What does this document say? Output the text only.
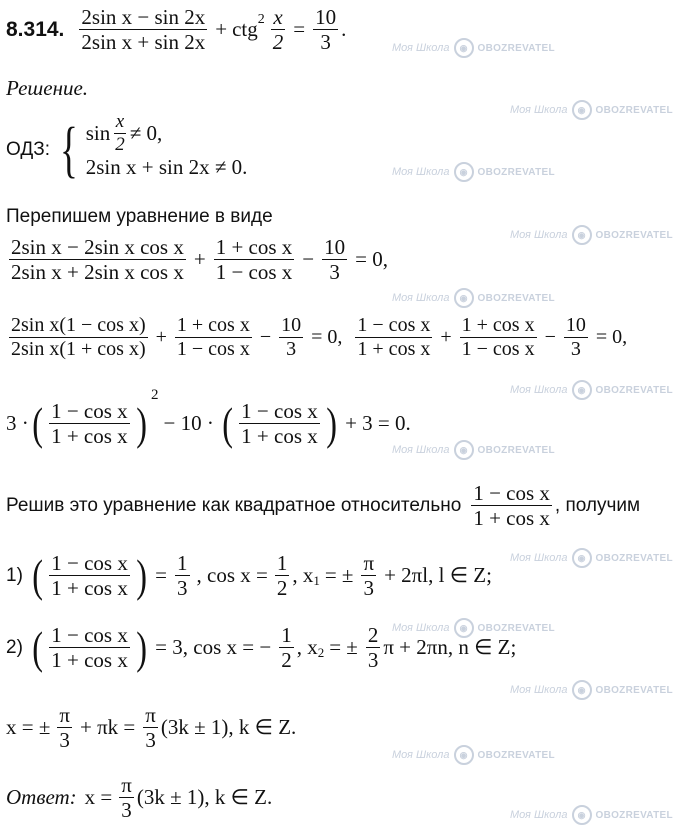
Моя Школа	◉	OBOZREVATEL
Моя Школа	◉	OBOZREVATEL
Моя Школа	◉	OBOZREVATEL
Моя Школа	◉	OBOZREVATEL
Моя Школа	◉	OBOZREVATEL
Моя Школа	◉	OBOZREVATEL
Моя Школа	◉	OBOZREVATEL
Моя Школа	◉	OBOZREVATEL
Моя Школа	◉	OBOZREVATEL
Моя Школа	◉	OBOZREVATEL
Моя Школа	◉	OBOZREVATEL
Моя Школа	◉	OBOZREVATEL
8.314. $\frac{\text{2sin x − sin 2x}}{\text{2sin x + sin 2x}}$ + ctg $2 \frac{x}{2} = \frac{10}{3}$ .
Решение.
ОДЗ: { $\sin \frac{x}{2} \ne 0$,
2sin x + sin 2x ≠ 0.
Перепишем уравнение в виде
$\frac{\text{2sin x − 2sin x cos x}}{\text{2sin x + 2sin x cos x}} + \frac{\text{1 + cos x}}{\text{1 − cos x}} - \frac{10}{3} = 0$,
$\frac{\text{2sin x(1 − cos x)}}{\text{2sin x(1 + cos x)}} + \frac{\text{1 + cos x}}{\text{1 − cos x}} - \frac{10}{3} = 0$, $\frac{\text{1 − cos x}}{\text{1 + cos x}} + \frac{\text{1 + cos x}}{\text{1 − cos x}} - \frac{10}{3} = 0$,
3 · ( $\frac{\text{1 − cos x}}{\text{1 + cos x}}$ )
2
− 10 · ( $\frac{\text{1 − cos x}}{\text{1 + cos x}}$ ) + 3 = 0.
Решив это уравнение как квадратное относительно $\frac{\text{1 − cos x}}{\text{1 + cos x}}$ , получим
1) ( $\frac{\text{1 − cos x}}{\text{1 + cos x}}$ ) = $\frac{1}{3}$ , $\cos x = \frac{1}{2}$ , x 1 = ± $\frac{\pi}{3} + 2\pi l$, l ∈ Z;
2) ( $\frac{\text{1 − cos x}}{\text{1 + cos x}}$ ) = 3, cos x = − $\frac{1}{2}$ , x 2 = ± $\frac{2}{3}$ π + 2πn, n ∈ Z;
x = ± $\frac{\pi}{3} + \pi k = \frac{\pi}{3} (3k \pm 1)$, k ∈ Z.
Ответ: $x = \frac{\pi}{3} (3k \pm 1)$, k ∈ Z.
